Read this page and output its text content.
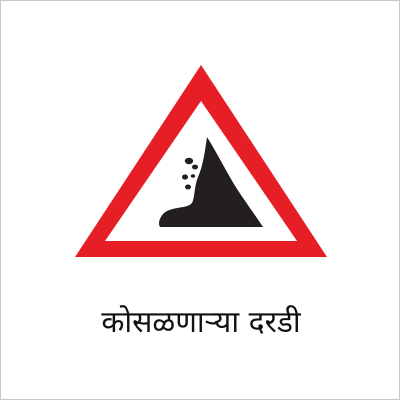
कोसळणाऱ्या दरडी
